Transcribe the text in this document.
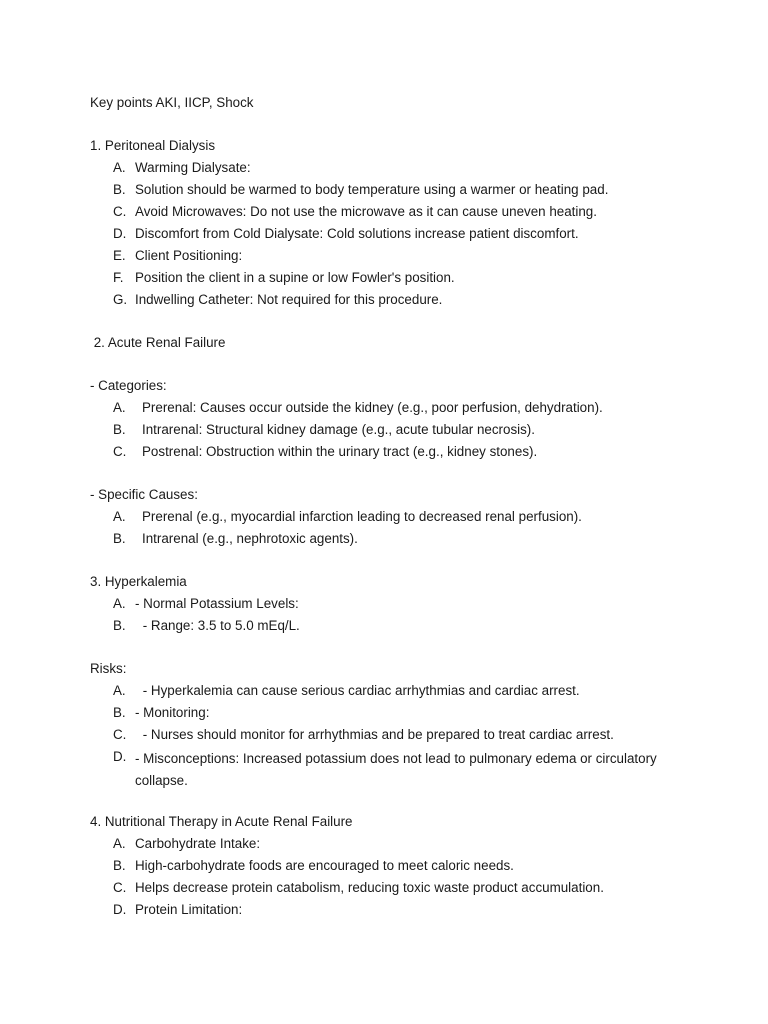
Key points AKI, IICP, Shock
1. Peritoneal Dialysis
A. Warming Dialysate:
B. Solution should be warmed to body temperature using a warmer or heating pad.
C. Avoid Microwaves: Do not use the microwave as it can cause uneven heating.
D. Discomfort from Cold Dialysate: Cold solutions increase patient discomfort.
E. Client Positioning:
F. Position the client in a supine or low Fowler's position.
G. Indwelling Catheter: Not required for this procedure.
2. Acute Renal Failure
- Categories:
A. Prerenal: Causes occur outside the kidney (e.g., poor perfusion, dehydration).
B. Intrarenal: Structural kidney damage (e.g., acute tubular necrosis).
C. Postrenal: Obstruction within the urinary tract (e.g., kidney stones).
- Specific Causes:
A. Prerenal (e.g., myocardial infarction leading to decreased renal perfusion).
B. Intrarenal (e.g., nephrotoxic agents).
3. Hyperkalemia
A. - Normal Potassium Levels:
B. - Range: 3.5 to 5.0 mEq/L.
Risks:
A. - Hyperkalemia can cause serious cardiac arrhythmias and cardiac arrest.
B. - Monitoring:
C. - Nurses should monitor for arrhythmias and be prepared to treat cardiac arrest.
D. - Misconceptions: Increased potassium does not lead to pulmonary edema or circulatory collapse.
4. Nutritional Therapy in Acute Renal Failure
A. Carbohydrate Intake:
B. High-carbohydrate foods are encouraged to meet caloric needs.
C. Helps decrease protein catabolism, reducing toxic waste product accumulation.
D. Protein Limitation:
